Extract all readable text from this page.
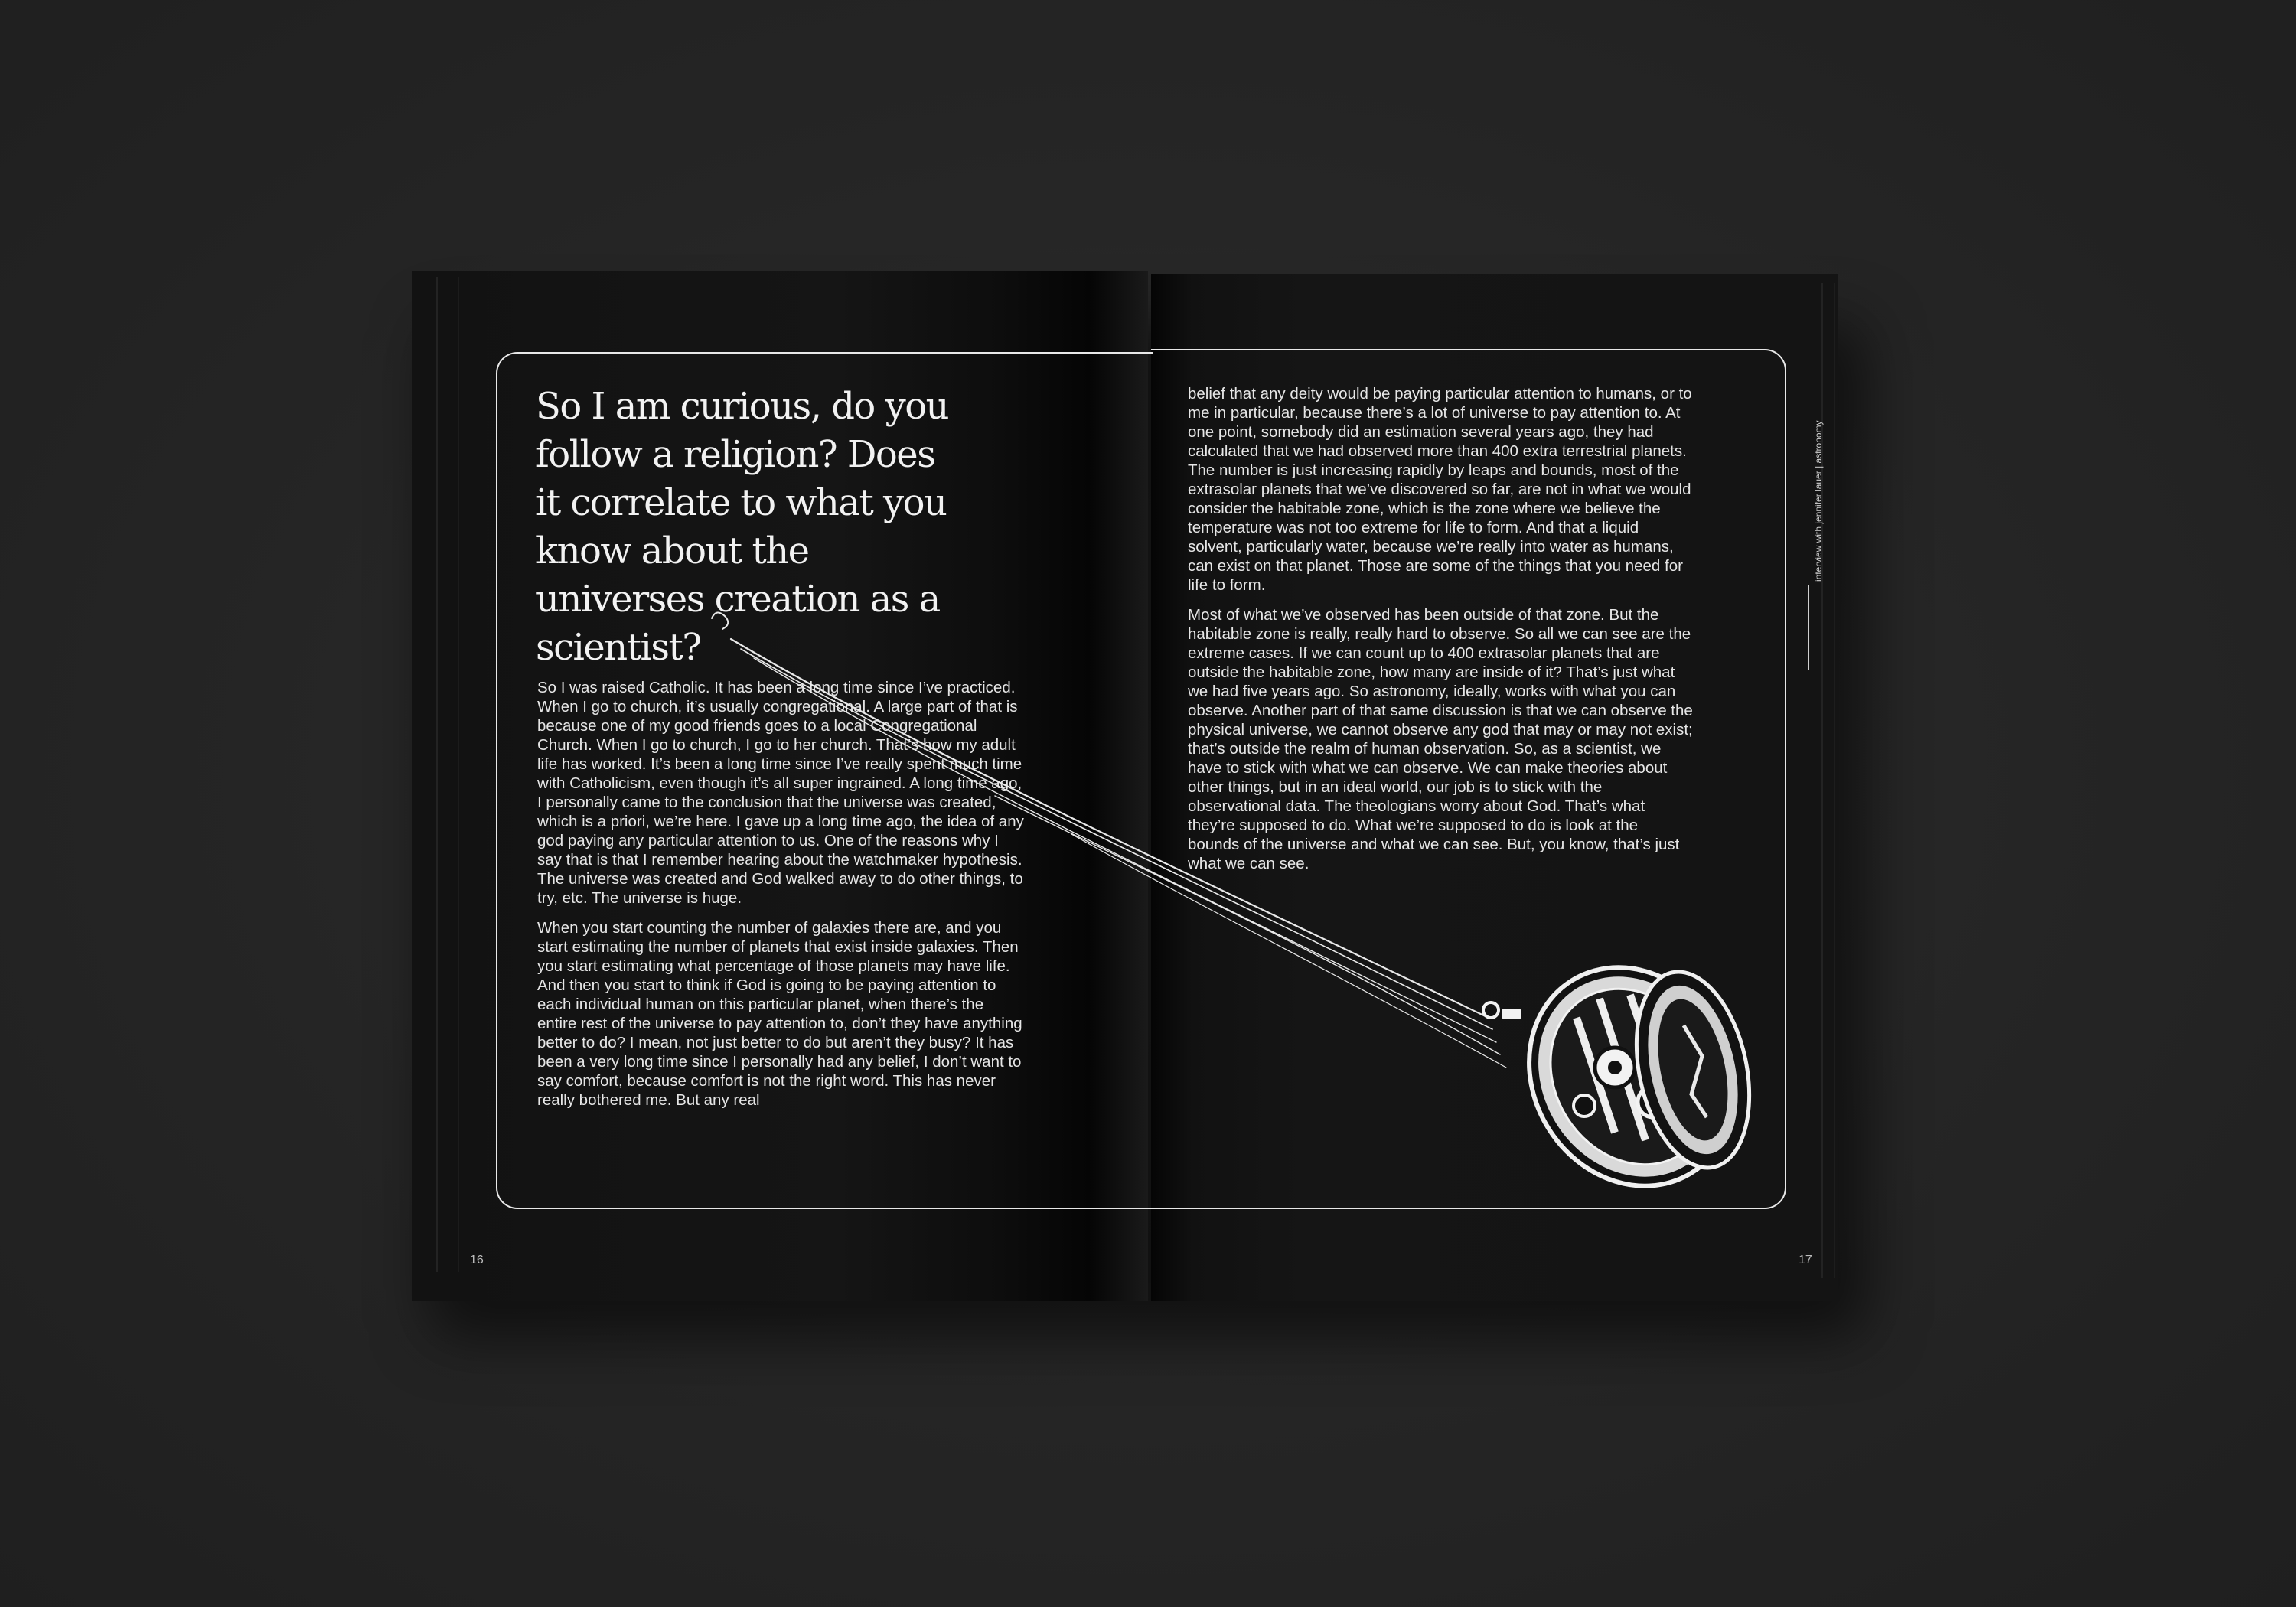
So I am curious, do you follow a religion? Does it correlate to what you know about the universes creation as a scientist?

So I was raised Catholic. It has been a long time since I’ve practiced. When I go to church, it’s usually congregational. A large part of that is because one of my good friends goes to a local Congregational Church. When I go to church, I go to her church. That’s how my adult life has worked. It’s been a long time since I’ve really spent much time with Catholicism, even though it’s all super ingrained. A long time ago, I personally came to the conclusion that the universe was created, which is a priori, we’re here. I gave up a long time ago, the idea of any god paying any particular attention to us. One of the reasons why I say that is that I remember hearing about the watchmaker hypothesis. The universe was created and God walked away to do other things, to try, etc. The universe is huge.

When you start counting the number of galaxies there are, and you start estimating the number of planets that exist inside galaxies. Then you start estimating what percentage of those planets may have life. And then you start to think if God is going to be paying attention to each individual human on this particular planet, when there’s the entire rest of the universe to pay attention to, don’t they have anything better to do? I mean, not just better to do but aren’t they busy? It has been a very long time since I personally had any belief, I don’t want to say comfort, because comfort is not the right word. This has never really bothered me. But any real

belief that any deity would be paying particular attention to humans, or to me in particular, because there’s a lot of universe to pay attention to. At one point, somebody did an estimation several years ago, they had calculated that we had observed more than 400 extra terrestrial planets. The number is just increasing rapidly by leaps and bounds, most of the extrasolar planets that we’ve discovered so far, are not in what we would consider the habitable zone, which is the zone where we believe the temperature was not too extreme for life to form. And that a liquid solvent, particularly water, because we’re really into water as humans, can exist on that planet. Those are some of the things that you need for life to form.

Most of what we’ve observed has been outside of that zone. But the habitable zone is really, really hard to observe. So all we can see are the extreme cases. If we can count up to 400 extrasolar planets that are outside the habitable zone, how many are inside of it? That’s just what we had five years ago. So astronomy, ideally, works with what you can observe. Another part of that same discussion is that we can observe the physical universe, we cannot observe any god that may or may not exist; that’s outside the realm of human observation. So, as a scientist, we have to stick with what we can observe. We can make theories about other things, but in an ideal world, our job is to stick with the observational data. The theologians worry about God. That’s what they’re supposed to do. What we’re supposed to do is look at the bounds of the universe and what we can see. But, you know, that’s just what we can see.

interview with jennifer lauer | astronomy
16	17
